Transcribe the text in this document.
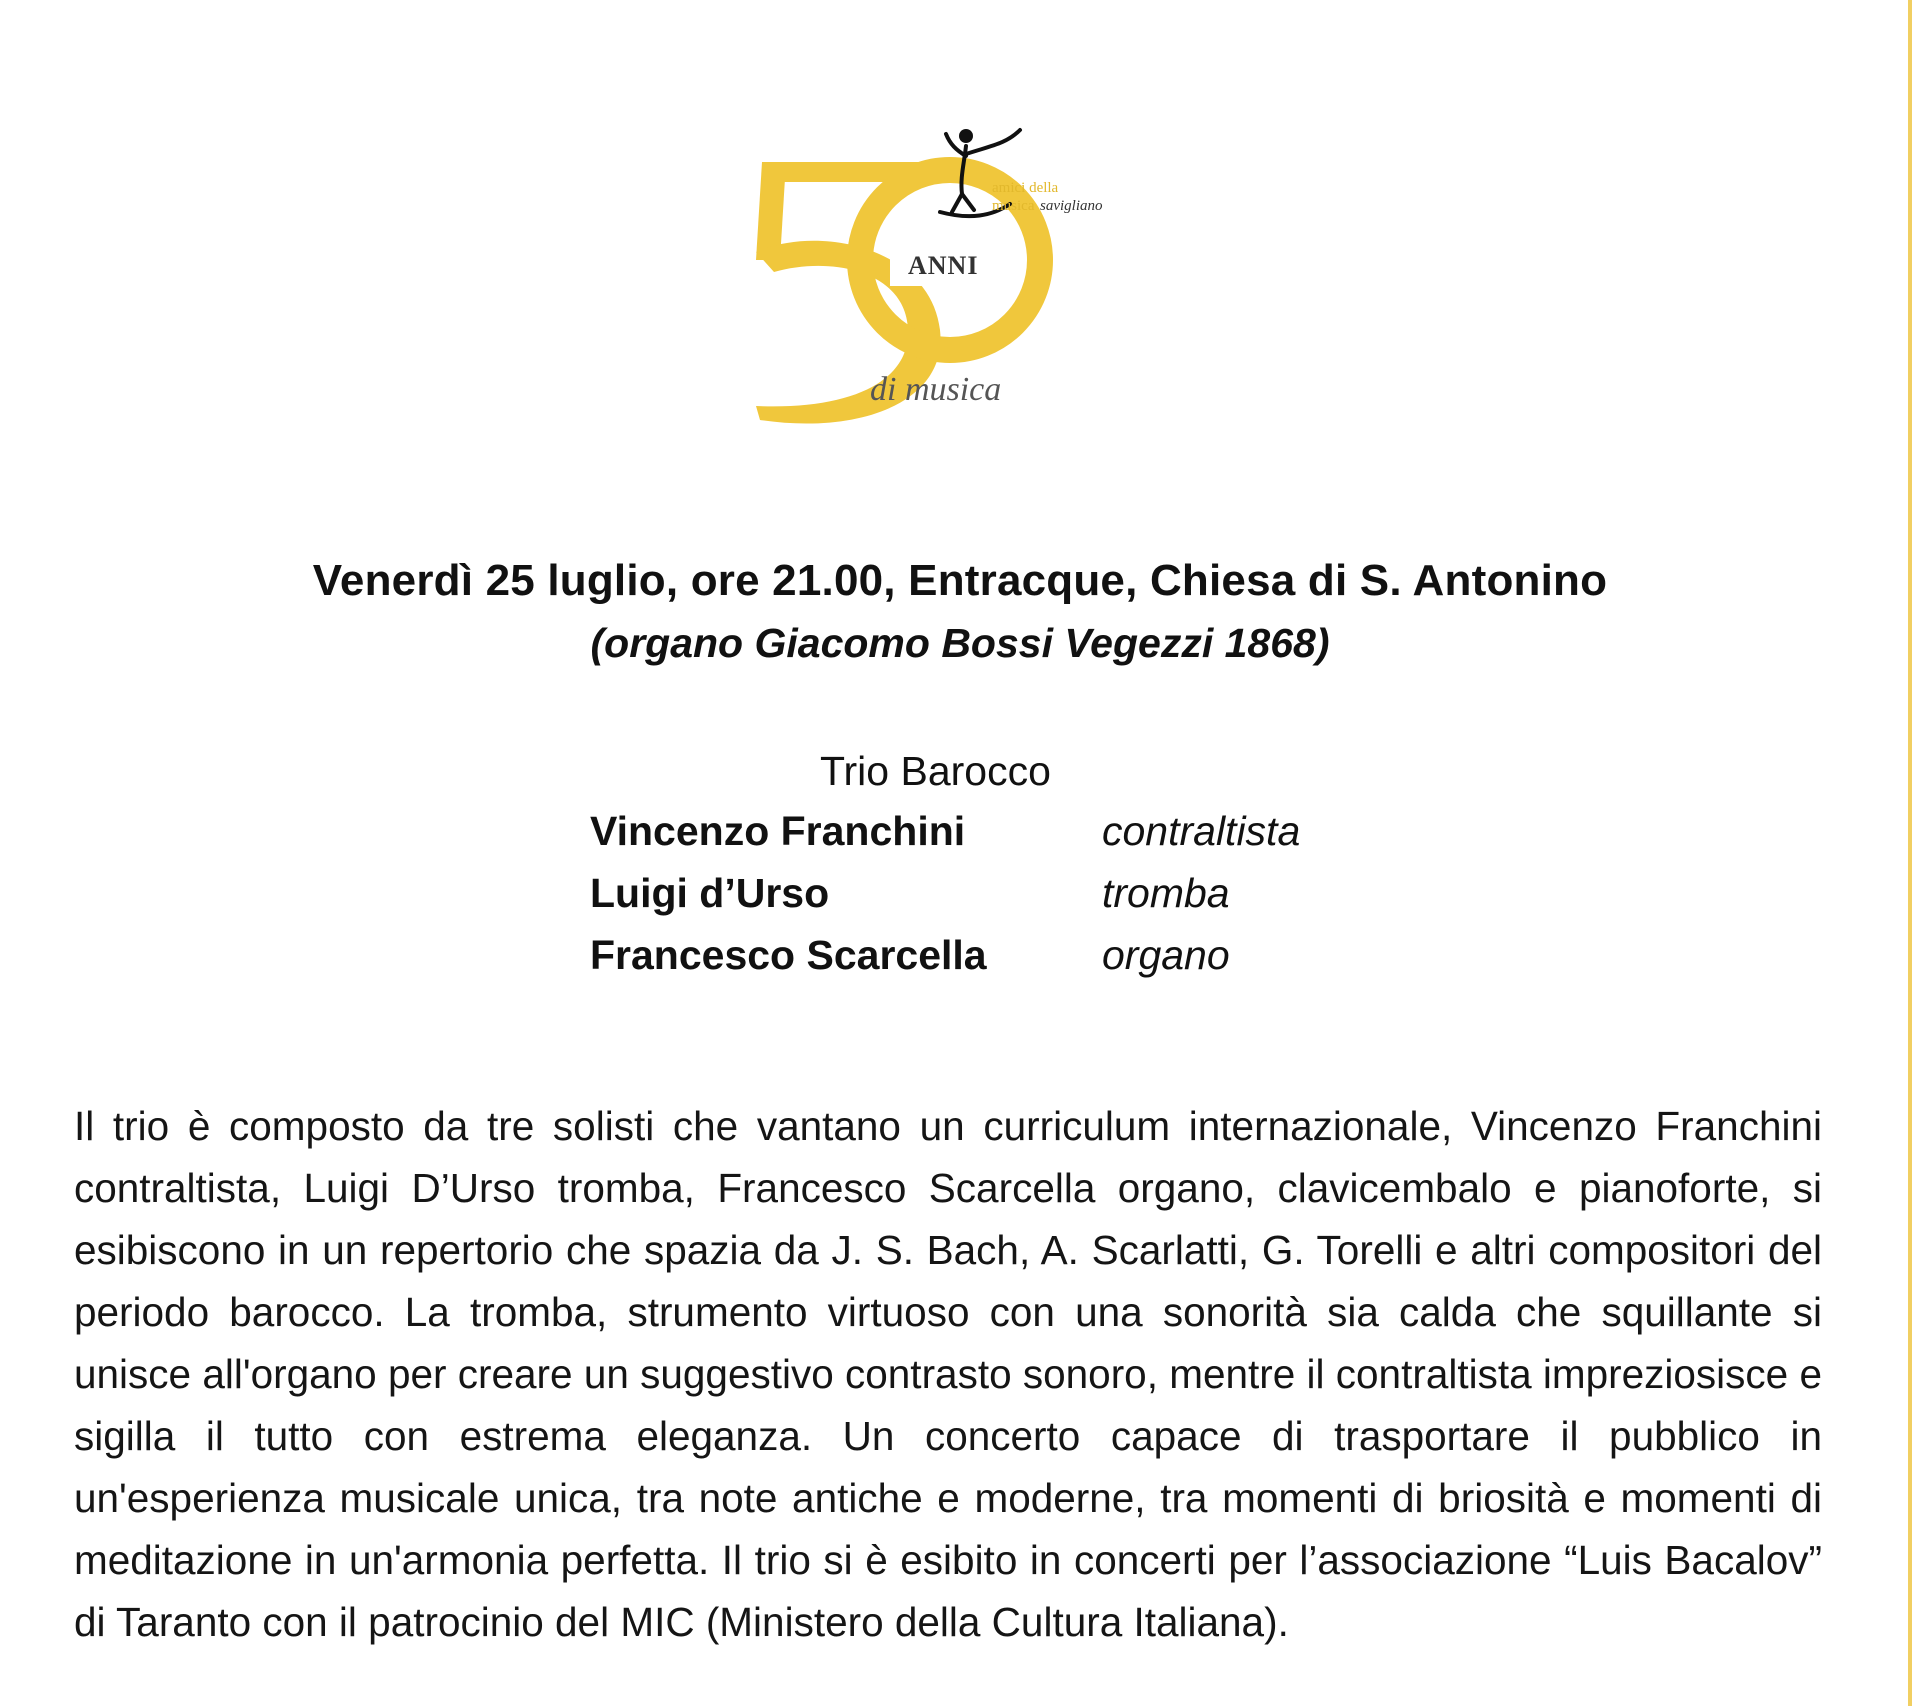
amici della
musica savigliano
ANNI
di musica
Venerdì 25 luglio, ore 21.00, Entracque, Chiesa di S. Antonino
(organo Giacomo Bossi Vegezzi 1868)
Trio Barocco
Vincenzo Franchini	contraltista
Luigi d’Urso	tromba
Francesco Scarcella	organo

Il trio è composto da tre solisti che vantano un curriculum internazionale, Vincenzo Franchini contraltista, Luigi D’Urso tromba, Francesco Scarcella organo, clavicembalo e pianoforte, si esibiscono in un repertorio che spazia da J. S. Bach, A. Scarlatti, G. Torelli e altri compositori del periodo barocco. La tromba, strumento virtuoso con una sonorità sia calda che squillante si unisce all'organo per creare un suggestivo contrasto sonoro, mentre il contraltista impreziosisce e sigilla il tutto con estrema eleganza. Un concerto capace di trasportare il pubblico in un'esperienza musicale unica, tra note antiche e moderne, tra momenti di briosità e momenti di meditazione in un'armonia perfetta. Il trio si è esibito in concerti per l’associazione “Luis Bacalov” di Taranto con il patrocinio del MIC (Ministero della Cultura Italiana).
